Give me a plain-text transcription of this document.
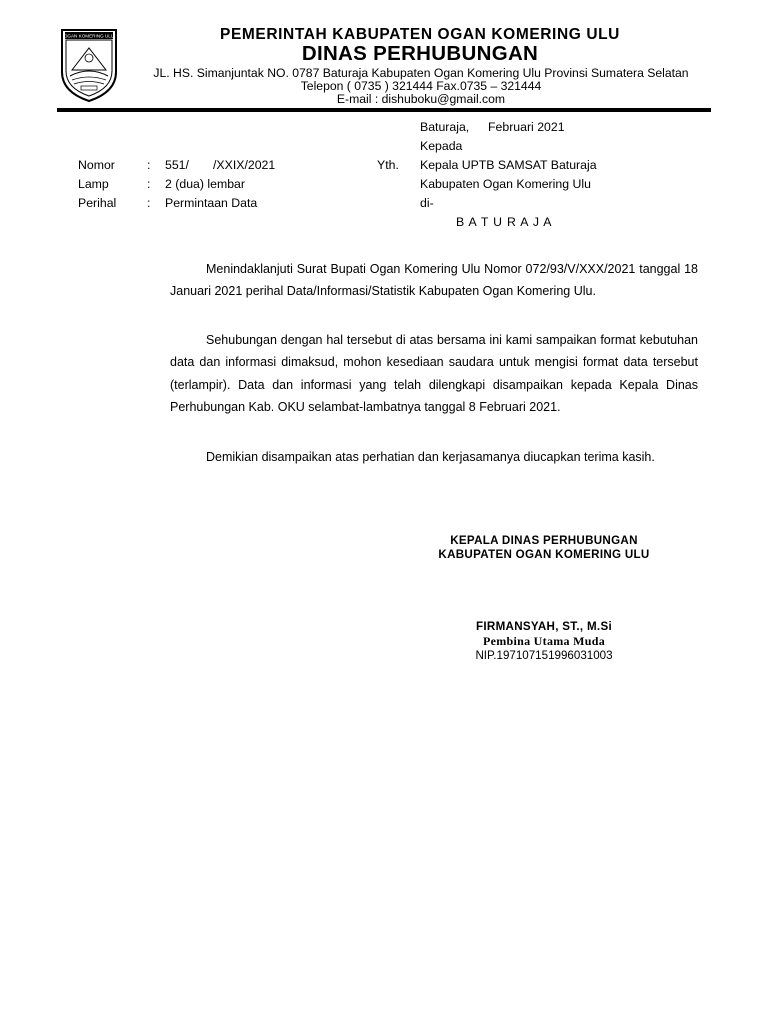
OGAN KOMERING ULU	PEMERINTAH KABUPATEN OGAN KOMERING ULU
DINAS PERHUBUNGAN
JL. HS. Simanjuntak NO. 0787 Baturaja Kabupaten Ogan Komering Ulu Provinsi Sumatera Selatan
Telepon ( 0735 ) 321444 Fax.0735 – 321444
E-mail : dishuboku@gmail.com
Baturaja, Februari 2021
Kepada
Yth. Kepala UPTB SAMSAT Baturaja
Kabupaten Ogan Komering Ulu
di-
B A T U R A J A
Nomor	: 551/ /XXIX/2021
Lamp	: 2 (dua) lembar
Perihal : Permintaan Data

Menindaklanjuti Surat Bupati Ogan Komering Ulu Nomor 072/93/V/XXX/2021 tanggal 18 Januari 2021 perihal Data/Informasi/Statistik Kabupaten Ogan Komering Ulu.

Sehubungan dengan hal tersebut di atas bersama ini kami sampaikan format kebutuhan data dan informasi dimaksud, mohon kesediaan saudara untuk mengisi format data tersebut (terlampir). Data dan informasi yang telah dilengkapi disampaikan kepada Kepala Dinas Perhubungan Kab. OKU selambat-lambatnya tanggal 8 Februari 2021.

Demikian disampaikan atas perhatian dan kerjasamanya diucapkan terima kasih.

KEPALA DINAS PERHUBUNGAN
KABUPATEN OGAN KOMERING ULU
FIRMANSYAH, ST., M.Si
Pembina Utama Muda
NIP.197107151996031003
